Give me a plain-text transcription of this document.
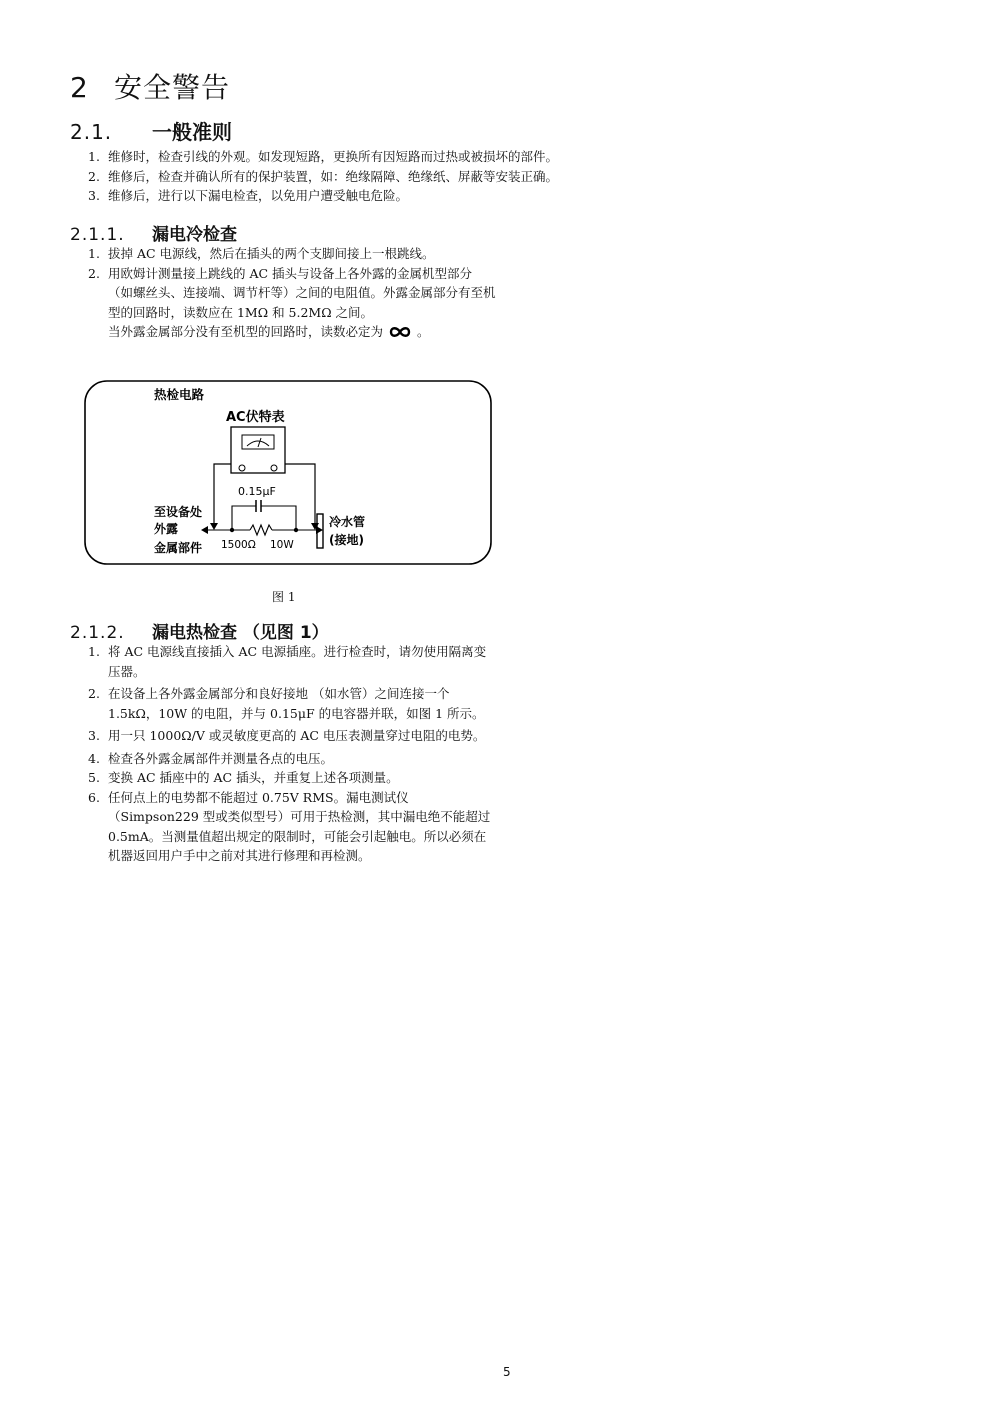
2 安全警告
2.1. 一般准则
1. 维修时，检查引线的外观。如发现短路，更换所有因短路而过热或被损坏的部件。
2. 维修后，检查并确认所有的保护装置，如：绝缘隔障、绝缘纸、屏蔽等安装正确。
3. 维修后，进行以下漏电检查，以免用户遭受触电危险。
2.1.1. 漏电冷检查
1. 拔掉 AC 电源线，然后在插头的两个支脚间接上一根跳线。
2. 用欧姆计测量接上跳线的 AC 插头与设备上各外露的金属机型部分（如螺丝头、连接端、调节杆等）之间的电阻值。外露金属部分有至机型的回路时，读数应在 1MΩ 和 5.2MΩ 之间。
当外露金属部分没有至机型的回路时，读数必定为	。
热检电路
AC伏特表
0.15μF
至设备处
外露
金属部件 1500Ω 10W
冷水管
(接地)
图 1
2.1.2. 漏电热检查 （见图 1）
1. 将 AC 电源线直接插入 AC 电源插座。进行检查时，请勿使用隔离变压器。
2. 在设备上各外露金属部分和良好接地 （如水管）之间连接一个 1.5kΩ，10W 的电阻，并与 0.15μF 的电容器并联，如图 1 所示。
3. 用一只 1000Ω/V 或灵敏度更高的 AC 电压表测量穿过电阻的电势。
4. 检查各外露金属部件并测量各点的电压。
5. 变换 AC 插座中的 AC 插头，并重复上述各项测量。
6. 任何点上的电势都不能超过 0.75V RMS。漏电测试仪（Simpson229 型或类似型号）可用于热检测，其中漏电绝不能超过 0.5mA。当测量值超出规定的限制时，可能会引起触电。所以必须在机器返回用户手中之前对其进行修理和再检测。
5
